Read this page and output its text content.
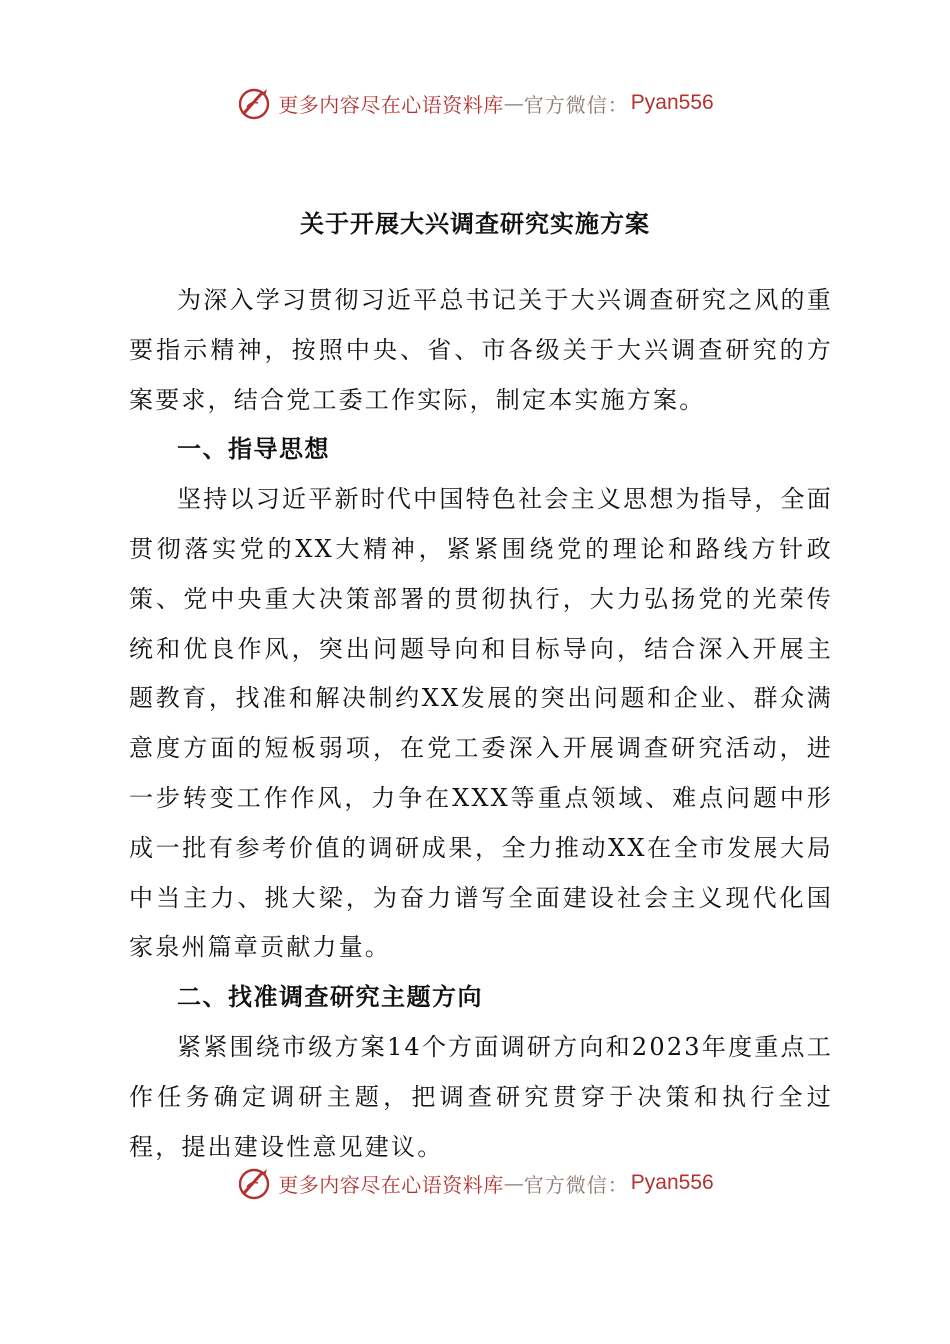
更多内容尽在心语资料库 — 官方微信： Pyan556
关于开展大兴调查研究实施方案

为深入学习贯彻习近平总书记关于大兴调查研究之风的重要指示精神，按照中央、省、市各级关于大兴调查研究的方案要求，结合党工委工作实际，制定本实施方案。

一、指导思想

坚持以习近平新时代中国特色社会主义思想为指导，全面贯彻落实党的XX大精神，紧紧围绕党的理论和路线方针政策、党中央重大决策部署的贯彻执行，大力弘扬党的光荣传统和优良作风，突出问题导向和目标导向，结合深入开展主题教育，找准和解决制约XX发展的突出问题和企业、群众满意度方面的短板弱项，在党工委深入开展调查研究活动，进一步转变工作作风，力争在XXX等重点领域、难点问题中形成一批有参考价值的调研成果，全力推动XX在全市发展大局中当主力、挑大梁，为奋力谱写全面建设社会主义现代化国家泉州篇章贡献力量。

二、找准调查研究主题方向

紧紧围绕市级方案14个方面调研方向和2023年度重点工作任务确定调研主题，把调查研究贯穿于决策和执行全过程，提出建设性意见建议。

更多内容尽在心语资料库 — 官方微信： Pyan556
